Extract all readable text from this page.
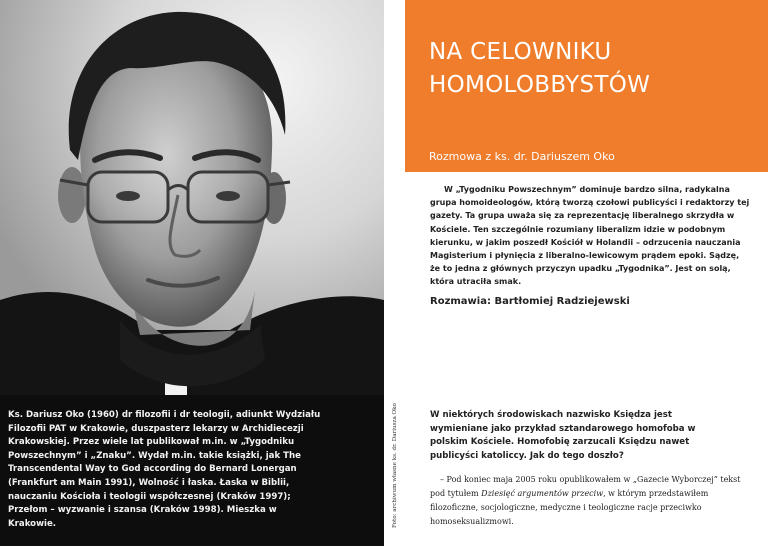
Ks. Dariusz Oko (1960) dr filozofii i dr teologii, adiunkt Wydziału Filozofii PAT w Krakowie, duszpasterz lekarzy w Archidiecezji Krakowskiej. Przez wiele lat publikował m.in. w „Tygodniku Powszechnym” i „Znaku”. Wydał m.in. takie książki, jak The Transcendental Way to God according do Bernard Lonergan (Frankfurt am Main 1991), Wolność i łaska. Łaska w Biblii, nauczaniu Kościoła i teologii współczesnej (Kraków 1997); Przełom – wyzwanie i szansa (Kraków 1998). Mieszka w Krakowie.	Foto: archiwum własne ks. dr. Dariusza Oko
NA CELOWNIKU
HOMOLOBBYSTÓW
Rozmowa z ks. dr. Dariuszem Oko

W „Tygodniku Powszechnym” dominuje bardzo silna, radykalna grupa homoideologów, którą tworzą czołowi publicyści i redaktorzy tej gazety. Ta grupa uważa się za reprezentację liberalnego skrzydła w Kościele. Ten szczególnie rozumiany liberalizm idzie w podobnym kierunku, w jakim poszedł Kościół w Holandii – odrzucenia nauczania Magisterium i płynięcia z liberalno-lewicowym prądem epoki. Sądzę, że to jedna z głównych przyczyn upadku „Tygodnika”. Jest on solą, która utraciła smak.

Rozmawia: Bartłomiej Radziejewski

W niektórych środowiskach nazwisko Księdza jest wymieniane jako przykład sztandarowego homofoba w polskim Kościele. Homofobię zarzucali Księdzu nawet publicyści katoliccy. Jak do tego doszło?

– Pod koniec maja 2005 roku opublikowałem w „Gazecie Wyborczej” tekst pod tytułem Dziesięć argumentów przeciw, w którym przedstawiłem filozoficzne, socjologiczne, medyczne i teologiczne racje przeciwko homoseksualizmowi.
